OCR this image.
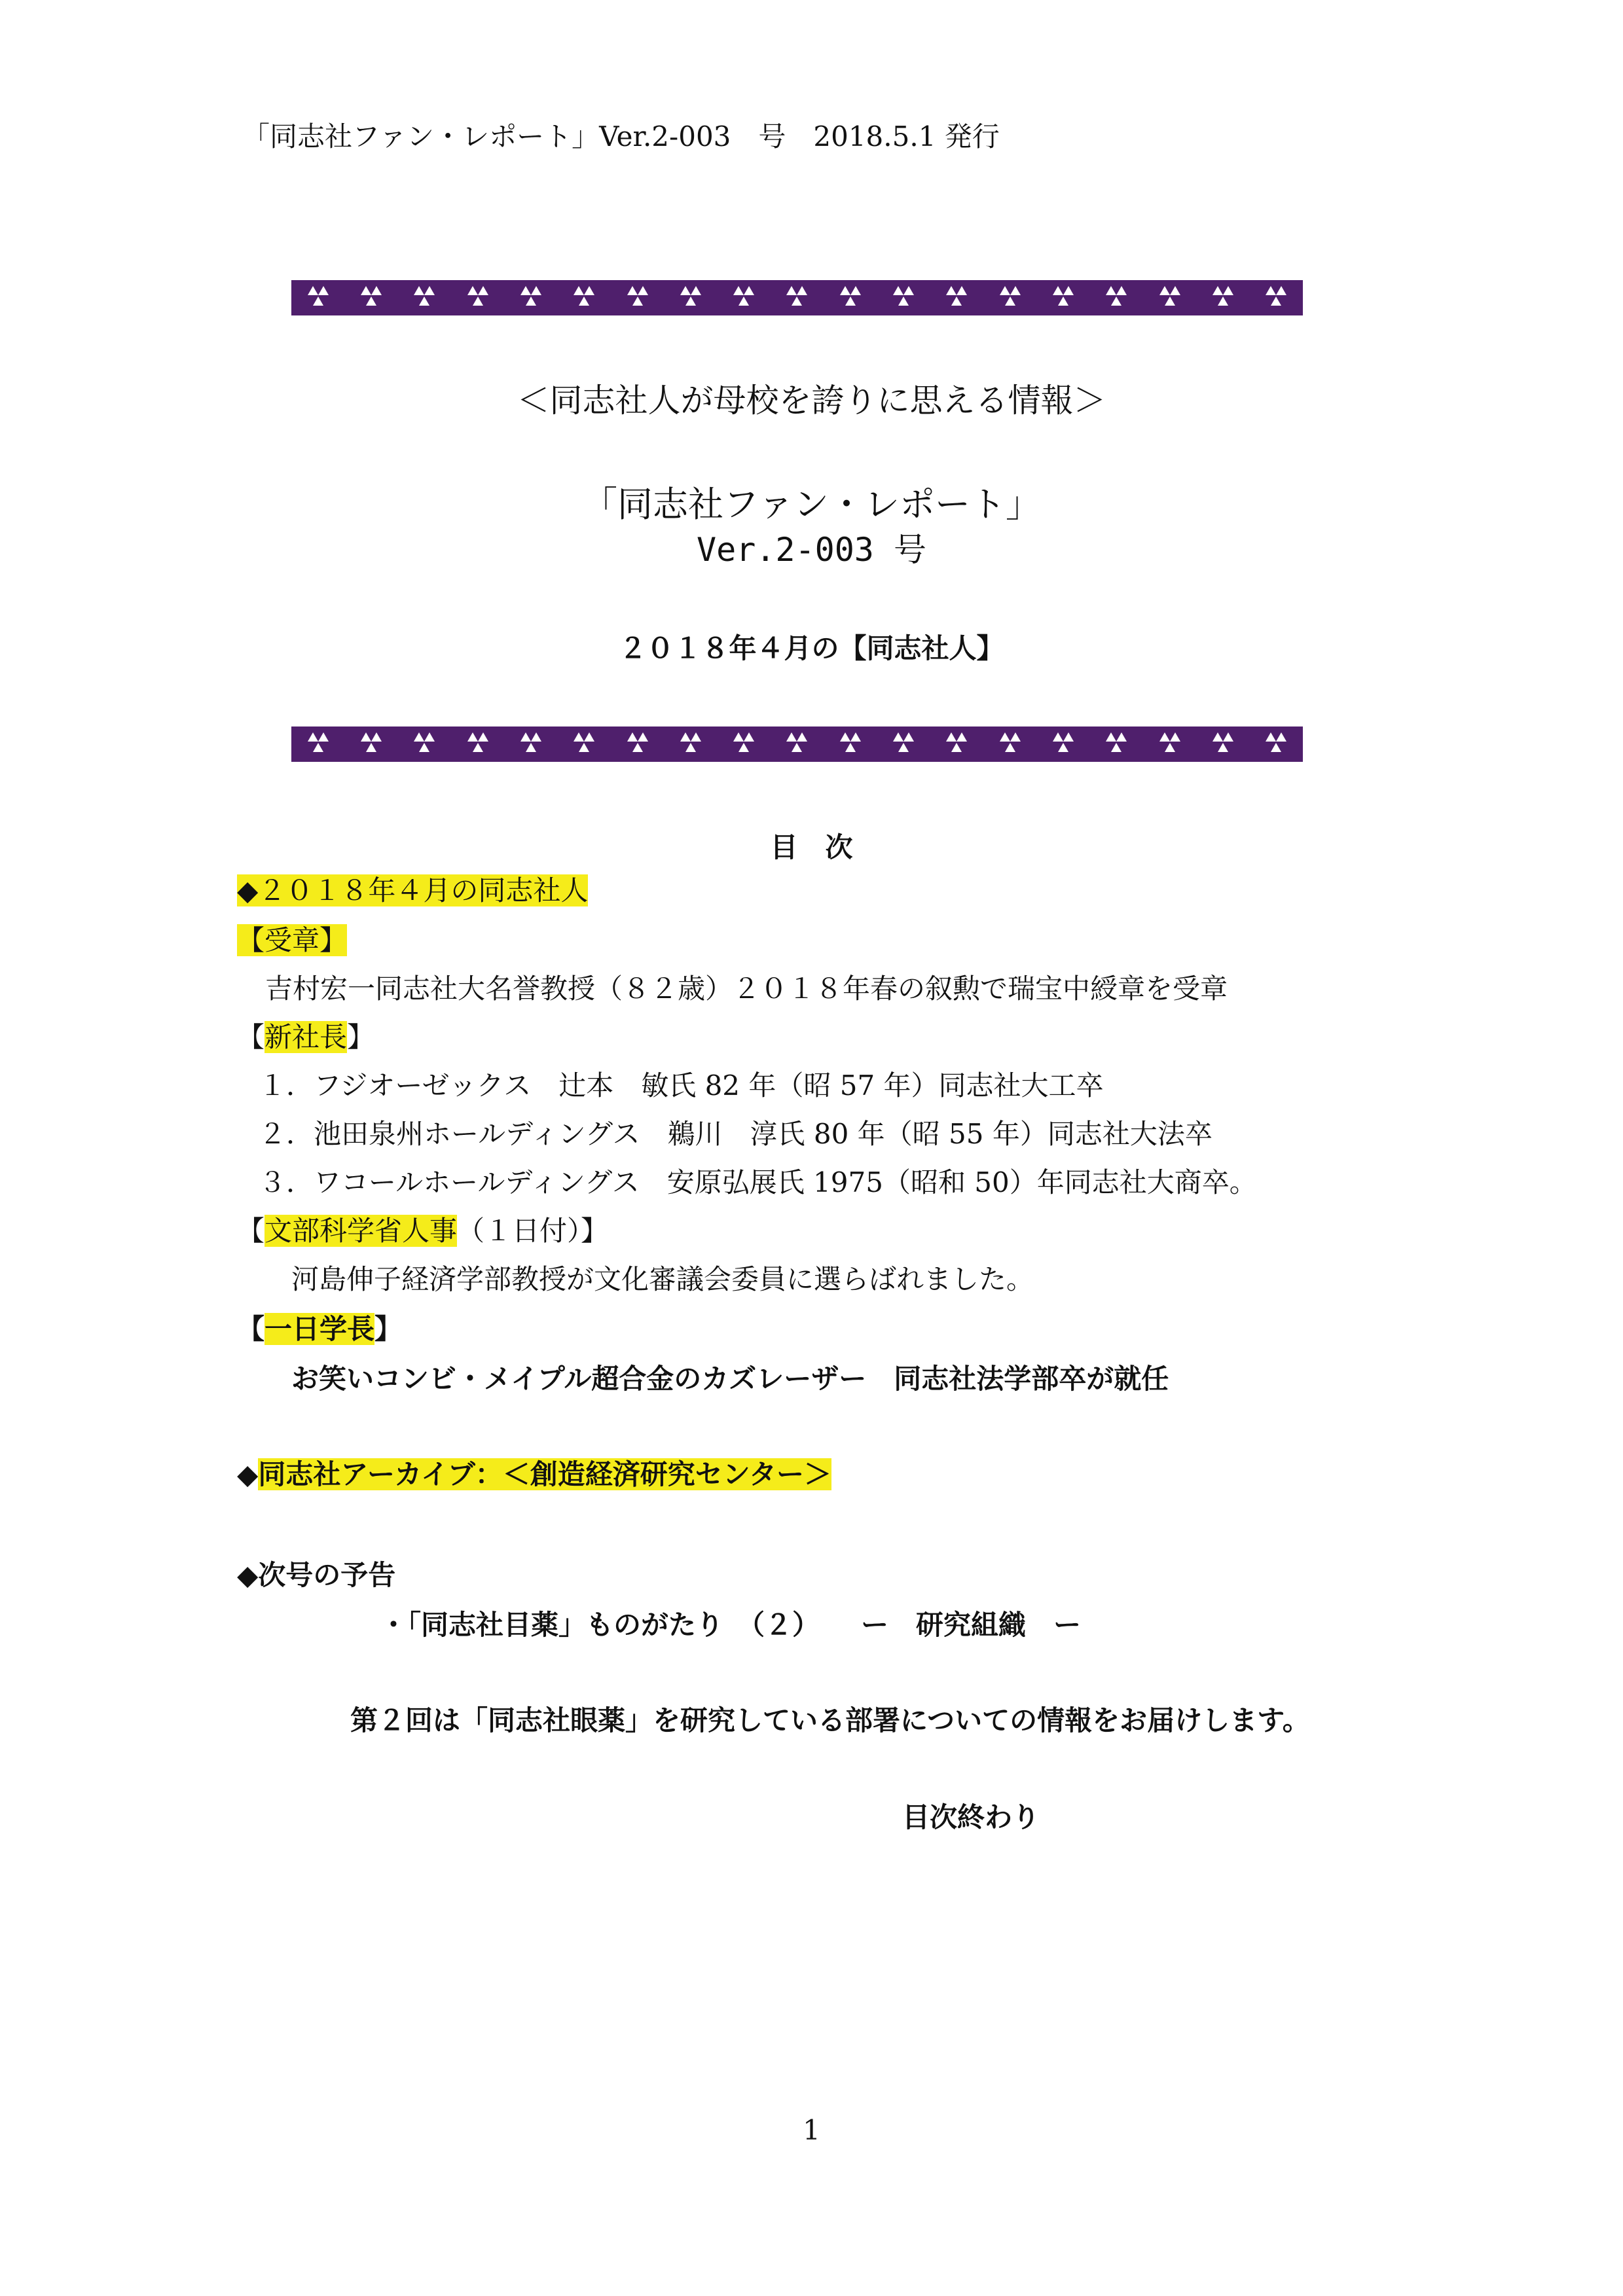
「同志社ファン・レポート」Ver.2-003　号　2018.5.1 発行
＜同志社人が母校を誇りに思える情報＞
「同志社ファン・レポート」
Ver.2-003 号
２０１８年４月の【同志社人】
目　次
◆２０１８年４月の同志社人
【受章】
吉村宏一同志社大名誉教授（８２歳）２０１８年春の叙勲で瑞宝中綬章を受章
【新社長】
１．フジオーゼックス　辻本　敏氏 82 年（昭 57 年）同志社大工卒
２．池田泉州ホールディングス　鵜川　淳氏 80 年（昭 55 年）同志社大法卒
３．ワコールホールディングス　安原弘展氏 1975（昭和 50）年同志社大商卒。
【文部科学省人事（１日付）】
河島伸子経済学部教授が文化審議会委員に選らばれました。
【一日学長】
お笑いコンビ・メイプル超合金のカズレーザー　同志社法学部卒が就任
◆同志社アーカイブ：＜創造経済研究センター＞
◆次号の予告
・「同志社目薬」ものがたり　（２）　　ー　研究組織　ー
第２回は「同志社眼薬」を研究している部署についての情報をお届けします。
目次終わり
1
